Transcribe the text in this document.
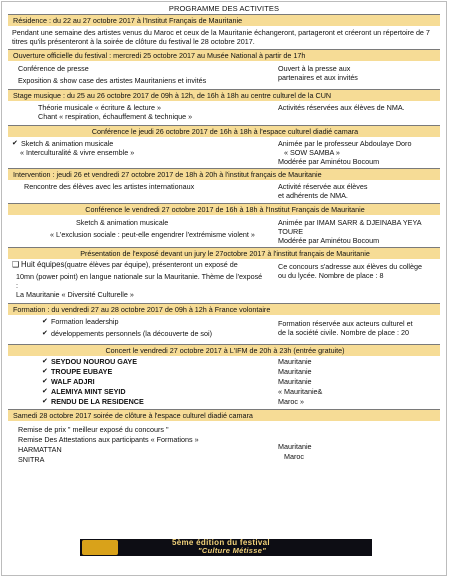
PROGRAMME DES ACTIVITES
Résidence : du 22 au 27 octobre 2017 à l'Institut Français de Mauritanie
Pendant une semaine des artistes venus du Maroc et ceux de la Mauritanie échangeront, partageront et créeront un répertoire de 7 titres qu'ils présenteront à la soirée de clôture du festival le 28 octobre 2017.
Ouverture officielle du festival : mercredi 25 octobre 2017 au Musée National à partir de 17h
Conférence de presse
Exposition & show case des artistes Mauritaniens et invités
Ouvert à la presse aux
partenaires et aux invités
Stage musique : du 25 au 26 octobre 2017 de 09h à 12h, de 16h à 18h au centre culturel de la CUN
Théorie musicale « écriture & lecture »
Chant « respiration, échauffement & technique »
Activités réservées aux élèves de NMA.
Conférence le jeudi 26 octobre 2017 de 16h à 18h à l'espace culturel diadié camara
✔ Sketch & animation musicale
« Interculturalité & vivre ensemble »
Animée par le professeur Abdoulaye Doro
« SOW SAMBA »
Modérée par Aminétou Bocoum
Intervention : jeudi 26 et vendredi 27 octobre 2017 de 18h à 20h à l'institut français de Mauritanie
Rencontre des élèves avec les artistes internationaux	Activité réservée aux élèves
et adhérents de NMA.
Conférence le vendredi 27 octobre 2017 de 16h à 18h à l'Institut Français de Mauritanie
Sketch & animation musicale
« L'exclusion sociale : peut-elle engendrer l'extrémisme violent »
Animée par IMAM SARR & DJEINABA YEYA
TOURE
Modérée par Aminétou Bocoum
Présentation de l'exposé devant un jury le 27octobre 2017 à l'institut français de Mauritanie
❑ Huit équipes(quatre élèves par équipe), présenteront un exposé de
10mn (power point) en langue nationale sur la Mauritanie. Thème de l'exposé
:
La Mauritanie « Diversité Culturelle »
Ce concours s'adresse aux élèves du collège
ou du lycée. Nombre de place : 8
Formation : du vendredi 27 au 28 octobre 2017 de 09h à 12h à France volontaire
✔ Formation leadership
✔ développements personnels (la découverte de soi)
Formation réservée aux acteurs culturel et
de la société civile. Nombre de place : 20
Concert le vendredi 27 octobre 2017 à L'IFM de 20h à 23h (entrée gratuite)
✔ SEYDOU NOUROU GAYE
✔ TROUPE EUBAYE
✔ WALF ADJRI
✔ ALEMIYA MINT SEYID
✔ RENDU DE LA RESIDENCE
Mauritanie
Mauritanie
Mauritanie
« Mauritanie&
Maroc »
Samedi 28 octobre 2017 soirée de clôture à l'espace culturel diadié camara
Remise de prix " meilleur exposé du concours "
Remise Des Attestations aux participants « Formations »
HARMATTAN
SNITRA
Mauritanie
Maroc
5ème édition du festival
"Culture Métisse"
